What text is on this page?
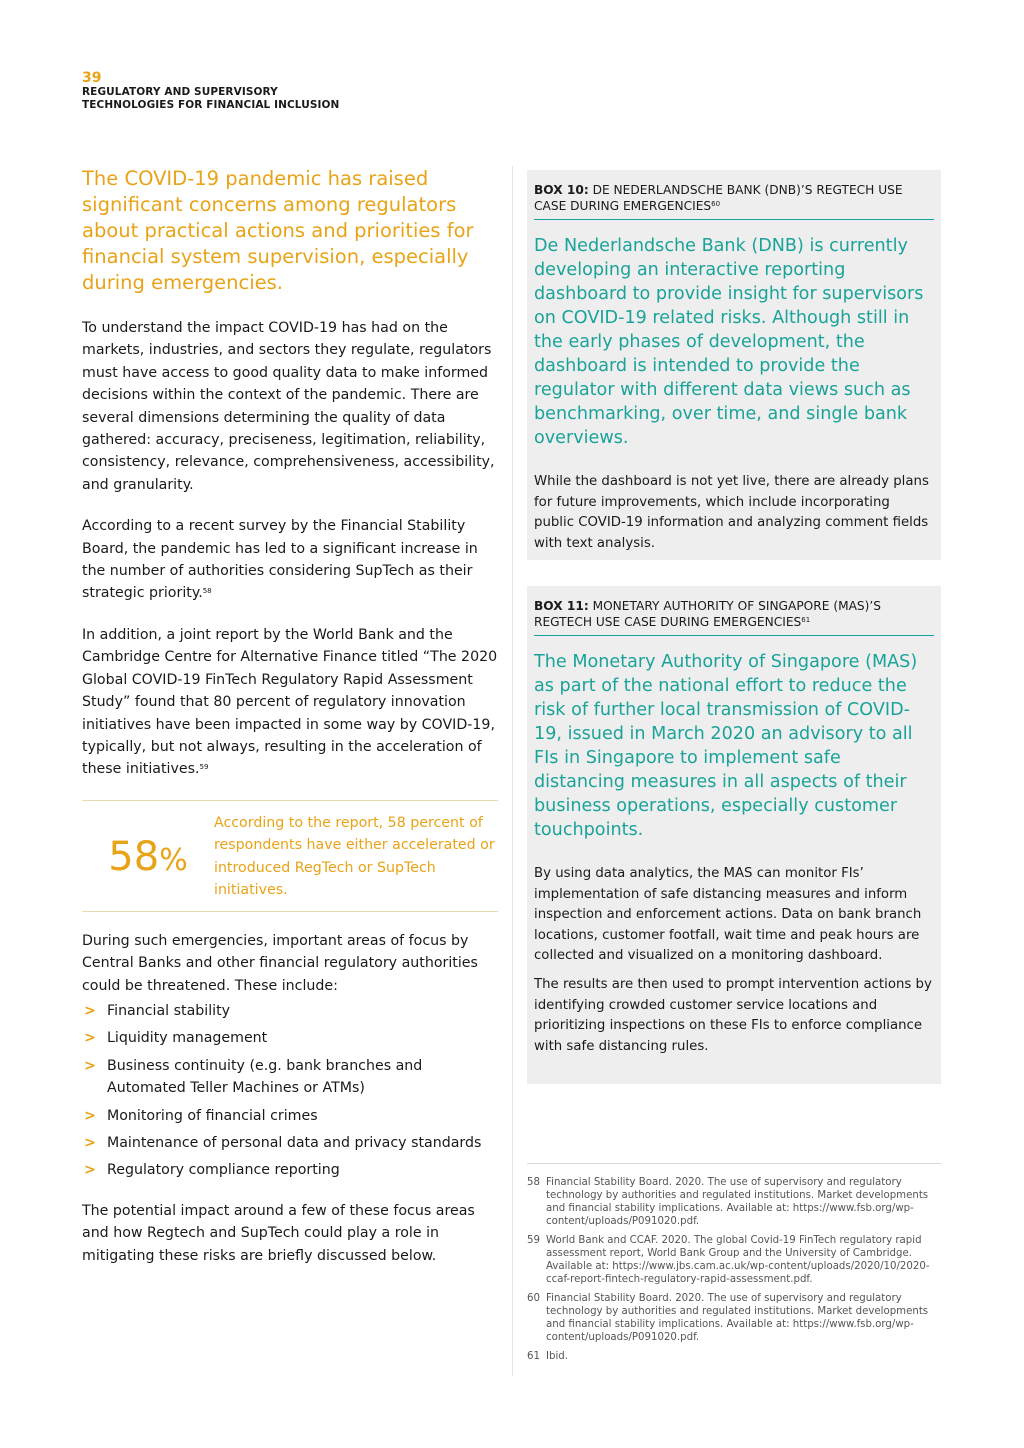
39
REGULATORY AND SUPERVISORY
TECHNOLOGIES FOR FINANCIAL INCLUSION

The COVID-19 pandemic has raised significant concerns among regulators about practical actions and priorities for financial system supervision, especially during emergencies.

To understand the impact COVID-19 has had on the markets, industries, and sectors they regulate, regulators must have access to good quality data to make informed decisions within the context of the pandemic. There are several dimensions determining the quality of data gathered: accuracy, preciseness, legitimation, reliability, consistency, relevance, comprehensiveness, accessibility, and granularity.

According to a recent survey by the Financial Stability Board, the pandemic has led to a significant increase in the number of authorities considering SupTech as their strategic priority.$^{58}$

In addition, a joint report by the World Bank and the Cambridge Centre for Alternative Finance titled “The 2020 Global COVID-19 FinTech Regulatory Rapid Assessment Study” found that 80 percent of regulatory innovation initiatives have been impacted in some way by COVID-19, typically, but not always, resulting in the acceleration of these initiatives.$^{59}$

58%
According to the report, 58 percent of respondents have either accelerated or introduced RegTech or SupTech initiatives.

During such emergencies, important areas of focus by Central Banks and other financial regulatory authorities could be threatened. These include:

> Financial stability
> Liquidity management
> Business continuity (e.g. bank branches and Automated Teller Machines or ATMs)
> Monitoring of financial crimes
> Maintenance of personal data and privacy standards
> Regulatory compliance reporting

The potential impact around a few of these focus areas and how Regtech and SupTech could play a role in mitigating these risks are briefly discussed below.

BOX 10: DE NEDERLANDSCHE BANK (DNB)’S REGTECH USE CASE DURING EMERGENCIES$^{60}$

De Nederlandsche Bank (DNB) is currently developing an interactive reporting dashboard to provide insight for supervisors on COVID-19 related risks. Although still in the early phases of development, the dashboard is intended to provide the regulator with different data views such as benchmarking, over time, and single bank overviews.

While the dashboard is not yet live, there are already plans for future improvements, which include incorporating public COVID-19 information and analyzing comment fields with text analysis.

BOX 11: MONETARY AUTHORITY OF SINGAPORE (MAS)’S REGTECH USE CASE DURING EMERGENCIES$^{61}$

The Monetary Authority of Singapore (MAS) as part of the national effort to reduce the risk of further local transmission of COVID-19, issued in March 2020 an advisory to all FIs in Singapore to implement safe distancing measures in all aspects of their business operations, especially customer touchpoints.

By using data analytics, the MAS can monitor FIs’ implementation of safe distancing measures and inform inspection and enforcement actions. Data on bank branch locations, customer footfall, wait time and peak hours are collected and visualized on a monitoring dashboard.

The results are then used to prompt intervention actions by identifying crowded customer service locations and prioritizing inspections on these FIs to enforce compliance with safe distancing rules.

58 Financial Stability Board. 2020. The use of supervisory and regulatory technology by authorities and regulated institutions. Market developments and financial stability implications. Available at: https://www.fsb.org/wp-content/uploads/P091020.pdf.
59 World Bank and CCAF. 2020. The global Covid-19 FinTech regulatory rapid assessment report, World Bank Group and the University of Cambridge. Available at: https://www.jbs.cam.ac.uk/wp-content/uploads/2020/10/2020-ccaf-report-fintech-regulatory-rapid-assessment.pdf.
60 Financial Stability Board. 2020. The use of supervisory and regulatory technology by authorities and regulated institutions. Market developments and financial stability implications. Available at: https://www.fsb.org/wp-content/uploads/P091020.pdf.
61 Ibid.
